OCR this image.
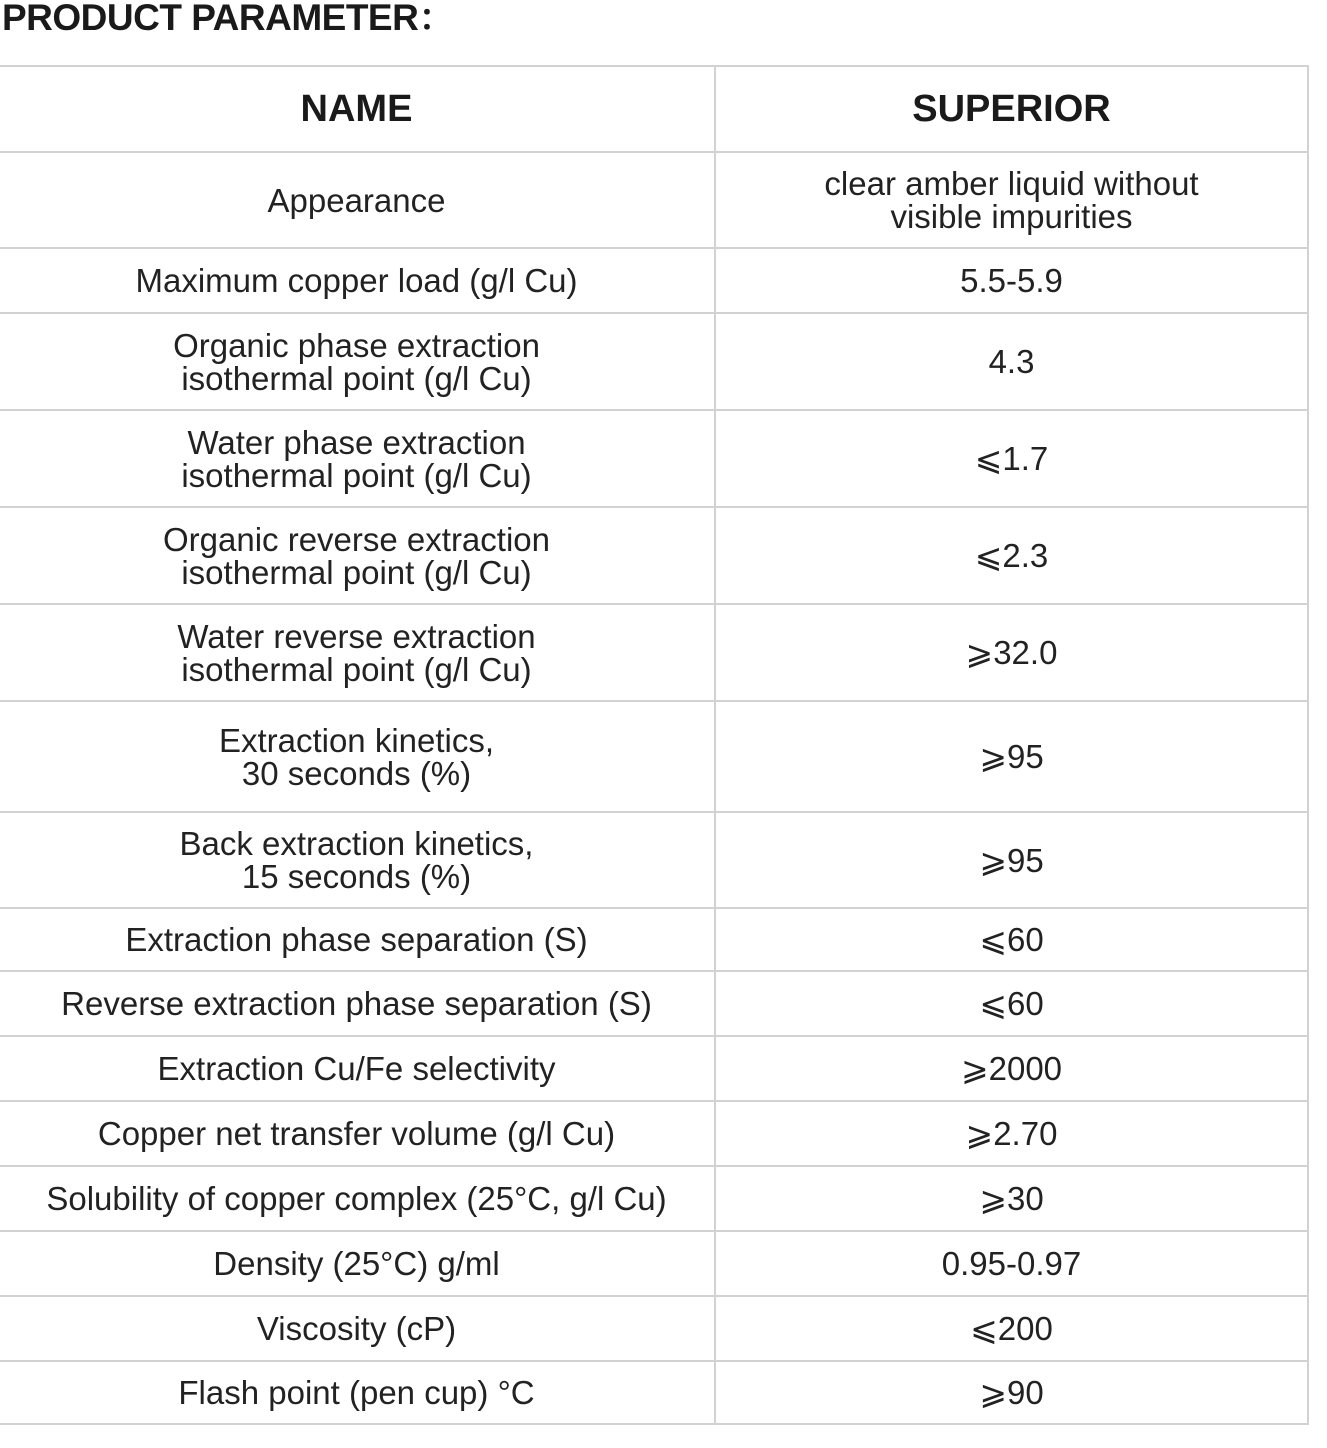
PRODUCT PARAMETER：
NAME	SUPERIOR

Appearance	clear amber liquid without
visible impurities

Maximum copper load (g/l Cu)	5.5-5.9

Organic phase extraction
isothermal point (g/l Cu)	4.3

Water phase extraction
isothermal point (g/l Cu)	⩽1.7

Organic reverse extraction
isothermal point (g/l Cu)	⩽2.3

Water reverse extraction
isothermal point (g/l Cu)	⩾32.0

Extraction kinetics,
30 seconds (%)	⩾95

Back extraction kinetics,
15 seconds (%)	⩾95

Extraction phase separation (S)	⩽60

Reverse extraction phase separation (S)	⩽60

Extraction Cu/Fe selectivity	⩾2000

Copper net transfer volume (g/l Cu)	⩾2.70

Solubility of copper complex (25°C, g/l Cu)	⩾30

Density (25°C) g/ml	0.95-0.97

Viscosity (cP)	⩽200

Flash point (pen cup) °C	⩾90
